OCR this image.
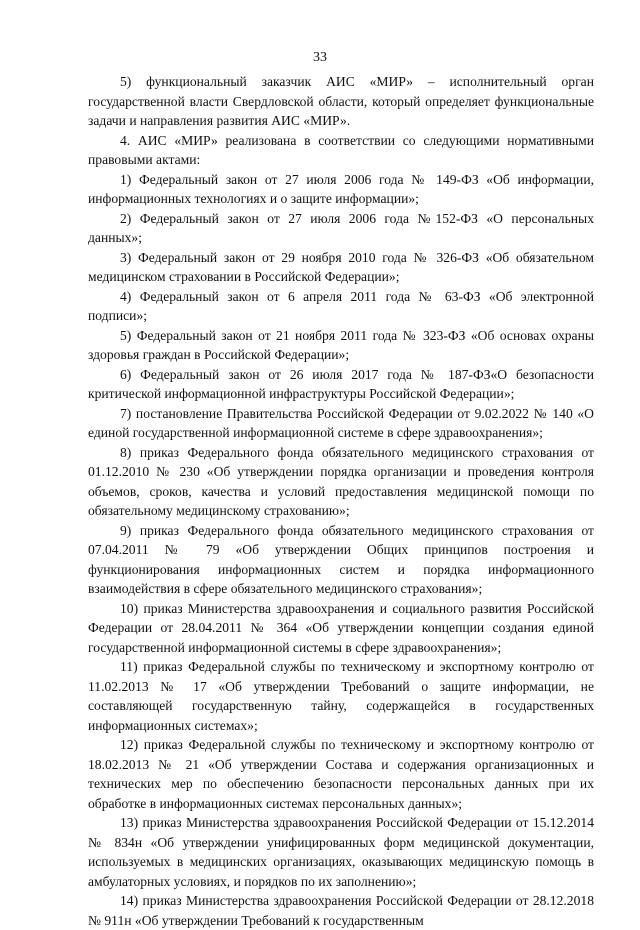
33

5) функциональный заказчик АИС «МИР» – исполнительный орган государственной власти Свердловской области, который определяет функциональные задачи и направления развития АИС «МИР».

4. АИС «МИР» реализована в соответствии со следующими нормативными правовыми актами:

1) Федеральный закон от 27 июля 2006 года № 149-ФЗ «Об информации, информационных технологиях и о защите информации»;

2) Федеральный закон от 27 июля 2006 года №152-ФЗ «О персональных данных»;

3) Федеральный закон от 29 ноября 2010 года № 326-ФЗ «Об обязательном медицинском страховании в Российской Федерации»;

4) Федеральный закон от 6 апреля 2011 года № 63-ФЗ «Об электронной подписи»;

5) Федеральный закон от 21 ноября 2011 года № 323-ФЗ «Об основах охраны здоровья граждан в Российской Федерации»;

6) Федеральный закон от 26 июля 2017 года № 187-ФЗ«О безопасности критической информационной инфраструктуры Российской Федерации»;

7) постановление Правительства Российской Федерации от 9.02.2022 № 140 «О единой государственной информационной системе в сфере здравоохранения»;

8) приказ Федерального фонда обязательного медицинского страхования от 01.12.2010 № 230 «Об утверждении порядка организации и проведения контроля объемов, сроков, качества и условий предоставления медицинской помощи по обязательному медицинскому страхованию»;

9) приказ Федерального фонда обязательного медицинского страхования от 07.04.2011 № 79 «Об утверждении Общих принципов построения и функционирования информационных систем и порядка информационного взаимодействия в сфере обязательного медицинского страхования»;

10) приказ Министерства здравоохранения и социального развития Российской Федерации от 28.04.2011 № 364 «Об утверждении концепции создания единой государственной информационной системы в сфере здравоохранения»;

11) приказ Федеральной службы по техническому и экспортному контролю от 11.02.2013 № 17 «Об утверждении Требований о защите информации, не составляющей государственную тайну, содержащейся в государственных информационных системах»;

12) приказ Федеральной службы по техническому и экспортному контролю от 18.02.2013 № 21 «Об утверждении Состава и содержания организационных и технических мер по обеспечению безопасности персональных данных при их обработке в информационных системах персональных данных»;

13) приказ Министерства здравоохранения Российской Федерации от 15.12.2014 № 834н «Об утверждении унифицированных форм медицинской документации, используемых в медицинских организациях, оказывающих медицинскую помощь в амбулаторных условиях, и порядков по их заполнению»;

14) приказ Министерства здравоохранения Российской Федерации от 28.12.2018 № 911н «Об утверждении Требований к государственным
